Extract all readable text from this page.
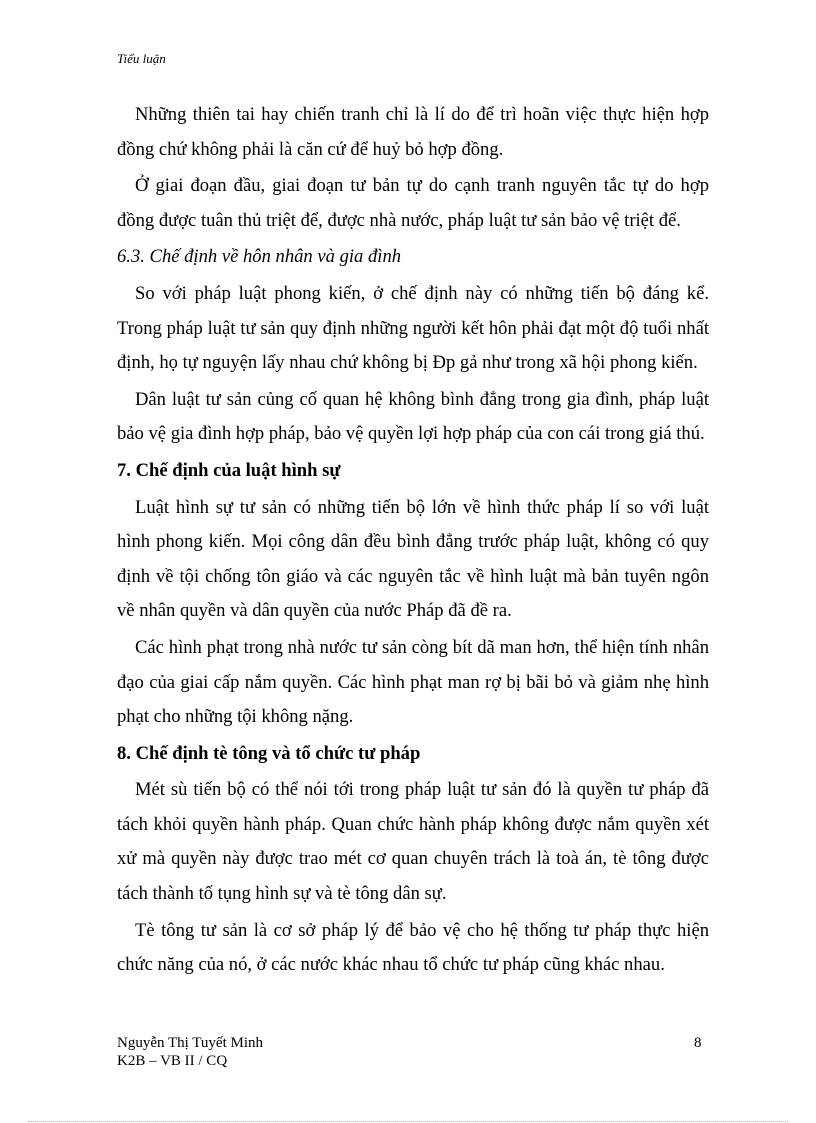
Tiểu luận

Những thiên tai hay chiến tranh chỉ là lí do để trì hoãn việc thực hiện hợp đồng chứ không phải là căn cứ để huỷ bỏ hợp đồng.

Ở giai đoạn đầu, giai đoạn tư bản tự do cạnh tranh nguyên tắc tự do hợp đồng được tuân thủ triệt để, được nhà nước, pháp luật tư sản bảo vệ triệt để.

6.3. Chế định về hôn nhân và gia đình

So với pháp luật phong kiến, ở chế định này có những tiến bộ đáng kể. Trong pháp luật tư sản quy định những người kết hôn phải đạt một độ tuổi nhất định, họ tự nguyện lấy nhau chứ không bị Đp gả như trong xã hội phong kiến.

Dân luật tư sản củng cố quan hệ không bình đẳng trong gia đình, pháp luật bảo vệ gia đình hợp pháp, bảo vệ quyền lợi hợp pháp của con cái trong giá thú.

7. Chế định của luật hình sự

Luật hình sự tư sản có những tiến bộ lớn về hình thức pháp lí so với luật hình phong kiến. Mọi công dân đều bình đẳng trước pháp luật, không có quy định về tội chống tôn giáo và các nguyên tắc về hình luật mà bản tuyên ngôn về nhân quyền và dân quyền của nước Pháp đã đề ra.

Các hình phạt trong nhà nước tư sản còng bít dã man hơn, thể hiện tính nhân đạo của giai cấp nắm quyền. Các hình phạt man rợ bị bãi bỏ và giảm nhẹ hình phạt cho những tội không nặng.

8. Chế định tè tông và tổ chức tư pháp

Mét sù tiến bộ có thể nói tới trong pháp luật tư sản đó là quyền tư pháp đã tách khỏi quyền hành pháp. Quan chức hành pháp không được nắm quyền xét xử mà quyền này được trao mét cơ quan chuyên trách là toà án, tè tông được tách thành tố tụng hình sự và tè tông dân sự.

Tè tông tư sản là cơ sở pháp lý để bảo vệ cho hệ thống tư pháp thực hiện chức năng của nó, ở các nước khác nhau tổ chức tư pháp cũng khác nhau.

Nguyễn Thị Tuyết Minh
K2B – VB II / CQ
8
